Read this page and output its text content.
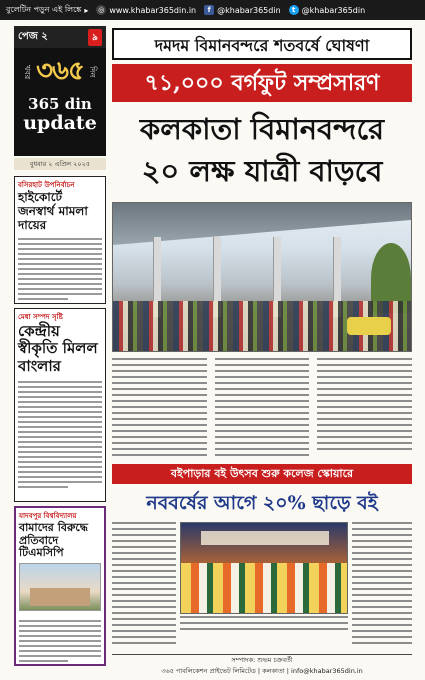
বুলেটিন পড়ুন এই লিঙ্কে ▸ ◎ www.khabar365din.in	f @khabar365din	t @khabar365din
পেজ ২	৯
খবর ৩৬৫ দিন
365 din
update
বুধবার ২ এপ্রিল ২০২৫
দমদম বিমানবন্দরে শতবর্ষে ঘোষণা
৭১,০০০ বর্গফুট সম্প্রসারণ
কলকাতা বিমানবন্দরে
২০ লক্ষ যাত্রী বাড়বে
বসিরহাট উপনির্বাচন
হাইকোর্টে জনস্বার্থ মামলা দায়ের
মেধা সম্পদ সৃষ্টি
কেন্দ্রীয় স্বীকৃতি মিলল বাংলার
যাদবপুর বিশ্ববিদ্যালয়
বামাদের বিরুদ্ধে প্রতিবাদে টিএমসিপি
বইপাড়ার বই উৎসব শুরু কলেজ স্কোয়ারে
নববর্ষের আগে ২০% ছাড়ে বই
সম্পাদক: শুভম চক্রবর্তী
৩৬৫ পাবলিকেশন প্রাইভেট লিমিটেড | কলকাতা | info@khabar365din.in
